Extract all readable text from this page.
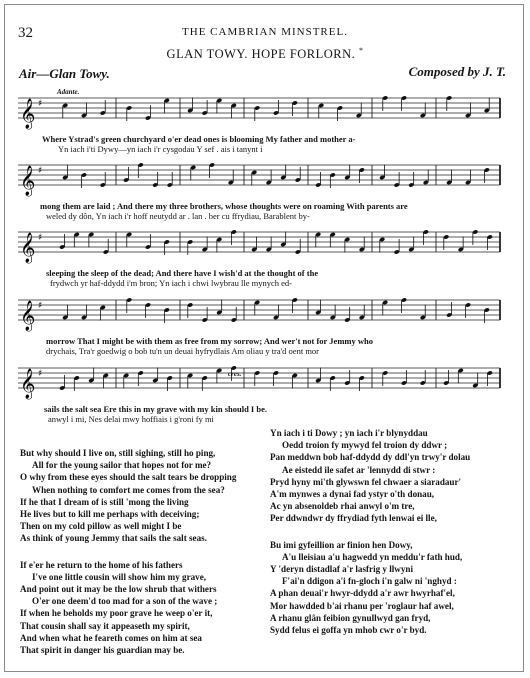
32	THE CAMBRIAN MINSTREL.
GLAN TOWY. HOPE FORLORN. *
Air—Glan Towy.	Composed by J. T.
Adante.
cres.
𝄞 ♯
𝄞 ♯
𝄞 ♯
𝄞 ♯
𝄞 ♯
Where Ystrad's green churchyard o'er dead ones is blooming My father and mother a-
Yn iach i'ti Dywy—yn iach i'r cysgodau Y sef . ais i tanynt i
mong them are laid ; And there my three brothers, whose thoughts were on roaming With parents are
weled dy dôn, Yn iach i'r hoff neutydd ar . lan . ber cu ffrydiau, Barablent by-
sleeping the sleep of the dead; And there have I wish'd at the thought of the
frydwch yr haf-ddydd i'm bron; Yn iach i chwi lwybrau lle mynych ed-
morrow That I might be with them as free from my sorrow; And wer't not for Jemmy who
drychais, Tra'r goedwig o bob tu'n un deuai hyfrydlais Am oliau y tra'd oent mor
sails the salt sea Ere this in my grave with my kin should I be.
anwyl i mi, Nes delai mwy hoffiais i g'roni fy mi
But why should I live on, still sighing, still ho ping,
All for the young sailor that hopes not for me?
O why from these eyes should the salt tears be dropping
When nothing to comfort me comes from the sea?
If he that I dream of is still 'mong the living
He lives but to kill me perhaps with deceiving;
Then on my cold pillow as well might I be
As think of young Jemmy that sails the salt seas.
If e'er he return to the home of his fathers
I've one little cousin will show him my grave,
And point out it may be the low shrub that withers
O'er one deem'd too mad for a son of the wave ;
If when he beholds my poor grave he weep o'er it,
That cousin shall say it appeaseth my spirit,
And when what he feareth comes on him at sea
That spirit in danger his guardian may be.
Yn iach i ti Dowy ; yn iach i'r blynyddau
Oedd troion fy mywyd fel troion dy ddwr ;
Pan meddwn bob haf-ddydd dy ddl'yn trwy'r dolau
Ae eistedd ile safet ar 'lennydd di stwr :
Pryd hyny mi'th glywswn fel chwaer a siaradaur'
A'm mynwes a dynai fad ystyr o'th donau,
Ac yn absenoldeb rhai anwyl o'm tre,
Per ddwndwr dy ffrydiad fyth lenwai ei lle,
Bu imi gyfeillion ar finion hen Dowy,
A'u lleisiau a'u hagwedd yn meddu'r fath hud,
Y 'deryn distadlaf a'r lasfrig y llwyni
F'ai'n ddigon a'i fn-gloch i'n galw ni 'nghyd :
A phan deuai'r hwyr-ddydd a'r awr hwyrhaf'el,
Mor hawdded b'ai rhanu per 'roglaur haf awel,
A rhanu glân feibion gynullwyd gan fryd,
Sydd felus ei goffa yn mhob cwr o'r byd.
